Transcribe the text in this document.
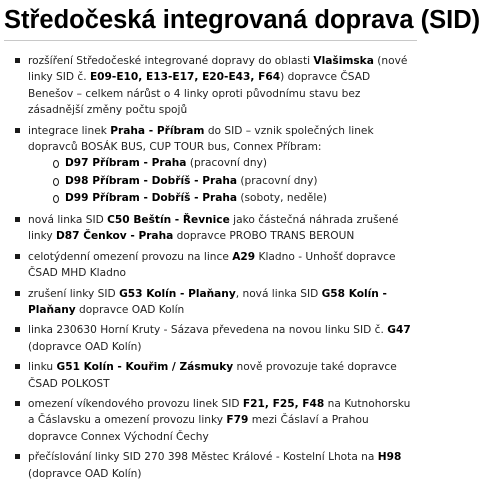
Středočeská integrovaná doprava (SID)
rozšíření Středočeské integrované dopravy do oblasti Vlašimska (nové linky SID č. E09-E10, E13-E17, E20-E43, F64) dopravce ČSAD Benešov – celkem nárůst o 4 linky oproti původnímu stavu bez zásadnější změny počtu spojů
integrace linek Praha - Příbram do SID – vznik společných linek dopravců BOSÁK BUS, CUP TOUR bus, Connex Příbram:
D97 Příbram - Praha (pracovní dny)
D98 Příbram - Dobříš - Praha (pracovní dny)
D99 Příbram - Dobříš - Praha (soboty, neděle)
nová linka SID C50 Beštín - Řevnice jako částečná náhrada zrušené linky D87 Čenkov - Praha dopravce PROBO TRANS BEROUN
celotýdenní omezení provozu na lince A29 Kladno - Unhošť dopravce ČSAD MHD Kladno
zrušení linky SID G53 Kolín - Plaňany, nová linka SID G58 Kolín - Plaňany dopravce OAD Kolín
linka 230630 Horní Kruty - Sázava převedena na novou linku SID č. G47 (dopravce OAD Kolín)
linku G51 Kolín - Kouřim / Zásmuky nově provozuje také dopravce ČSAD POLKOST
omezení víkendového provozu linek SID F21, F25, F48 na Kutnohorsku a Čáslavsku a omezení provozu linky F79 mezi Čáslaví a Prahou dopravce Connex Východní Čechy
přečíslování linky SID 270 398 Městec Králové - Kostelní Lhota na H98 (dopravce OAD Kolín)
